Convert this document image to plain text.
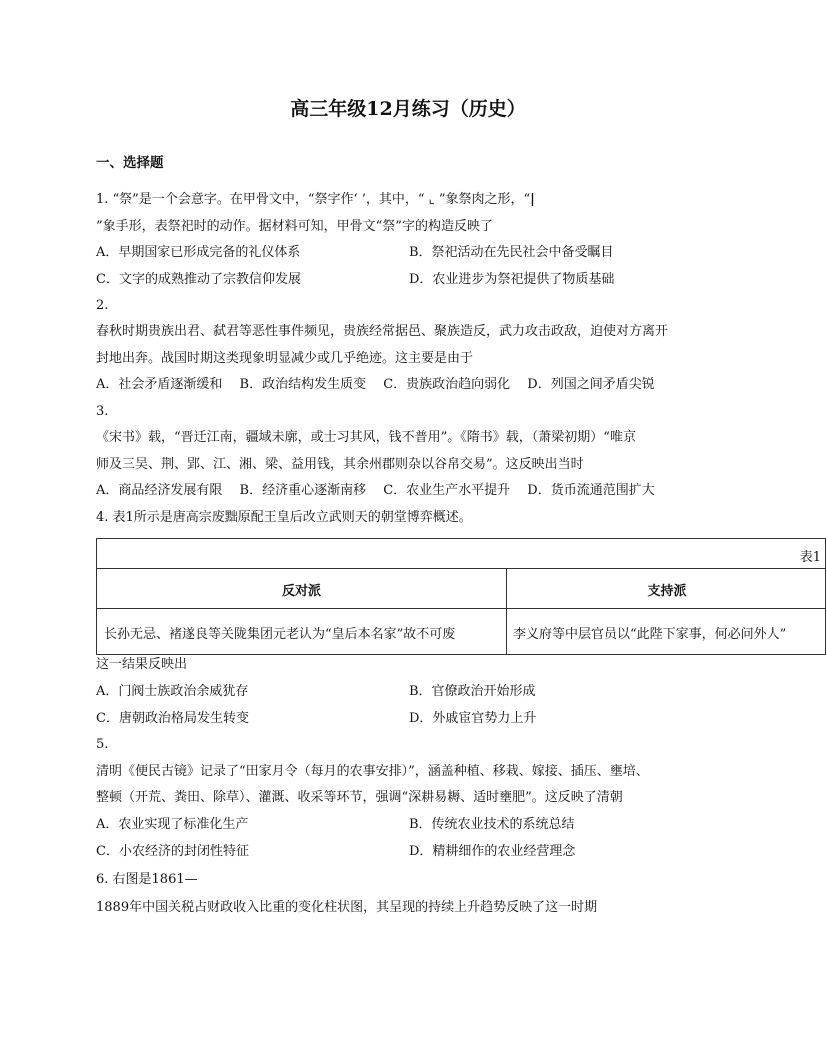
高三年级12月练习（历史）
一、选择题
1. “祭”是一个会意字。在甲骨文中，“祭字作‘ ’，其中，“ ⌞ ”象祭肉之形，“|
”象手形，表祭祀时的动作。据材料可知，甲骨文“祭”字的构造反映了
A．早期国家已形成完备的礼仪体系	B．祭祀活动在先民社会中备受瞩目
C．文字的成熟推动了宗教信仰发展	D．农业进步为祭祀提供了物质基础
2.
春秋时期贵族出君、弑君等恶性事件频见，贵族经常据邑、聚族造反，武力攻击政敌，迫使对方离开
封地出奔。战国时期这类现象明显减少或几乎绝迹。这主要是由于
A．社会矛盾逐渐缓和　 B．政治结构发生质变　 C．贵族政治趋向弱化　 D．列国之间矛盾尖锐
3.
《宋书》载，“晋迁江南，疆域未廓，或士习其风，钱不普用”。《隋书》载，（萧梁初期）“唯京
师及三吴、荆、郢、江、湘、梁、益用钱，其余州郡则杂以谷帛交易”。这反映出当时
A．商品经济发展有限　 B．经济重心逐渐南移　 C．农业生产水平提升　 D．货币流通范围扩大
4. 表1所示是唐高宗废黜原配王皇后改立武则天的朝堂博弈概述。
表1
反对派	支持派
长孙无忌、褚遂良等关陇集团元老认为“皇后本名家”故不可废	李义府等中层官员以“此陛下家事，何必问外人”
这一结果反映出
A．门阀士族政治余威犹存	B．官僚政治开始形成
C．唐朝政治格局发生转变	D．外戚宦官势力上升
5.
清明《便民古镜》记录了“田家月令（每月的农事安排）”，涵盖种植、移栽、嫁接、插压、壅培、
整顿（开荒、粪田、除草）、灌溉、收采等环节，强调“深耕易耨、适时壅肥”。这反映了清朝
A．农业实现了标准化生产	B．传统农业技术的系统总结
C．小农经济的封闭性特征	D．精耕细作的农业经营理念
6. 右图是1861—
1889年中国关税占财政收入比重的变化柱状图，其呈现的持续上升趋势反映了这一时期
